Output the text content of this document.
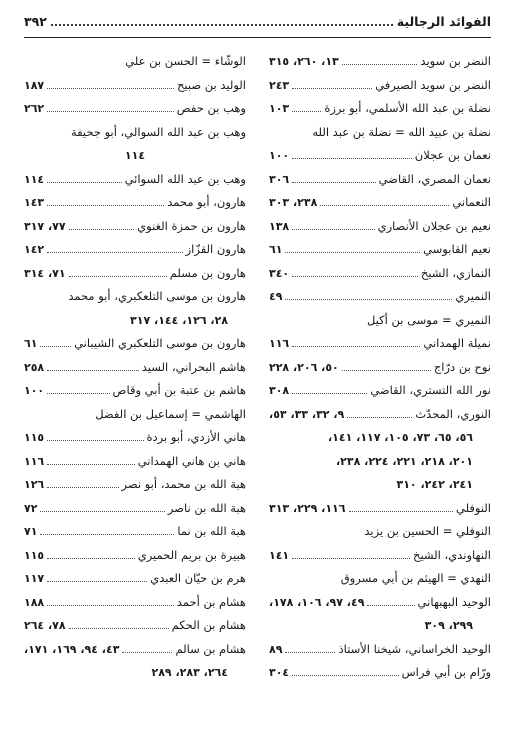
الفوائد الرجالية
٣٩٢
النضر بن سويد
١٣، ٢٦٠، ٣١٥
النضر بن سويد الصيرفي
٢٤٣
نضلة بن عبد الله الأسلمي، أبو برزة
١٠٣
نضلة بن عبيد الله = نضلة بن عبد الله
نعمان بن عجلان
١٠٠
نعمان المصري، القاضي
٣٠٦
النعماني
٢٣٨، ٣٠٣
نعيم بن عجلان الأنصاري
١٣٨
نعيم القابوسي
٦١
النمازي، الشيخ
٣٤٠
النميري
٤٩
النميري = موسى بن أكيل
نميلة الهمداني
١١٦
نوح بن درّاج
٥٠، ٢٠٦، ٢٢٨
نور الله التستري، القاضي
٣٠٨
النوري، المحدّث
٩، ٣٢، ٣٣، ٥٣،
٥٦، ٦٥، ٧٣، ١٠٥، ١١٧، ١٤١،
٢٠١، ٢١٨، ٢٢١، ٢٢٤، ٢٣٨،
٢٤١، ٢٤٢، ٣١٠
النوفلي
١١٦، ٢٢٩، ٣١٣
النوفلي = الحسين بن يزيد
النهاوندي، الشيخ
١٤١
النهدي = الهيثم بن أبي مسروق
الوحيد البهبهاني
٤٩، ٩٧، ١٠٦، ١٧٨،
٢٩٩، ٣٠٩
الوحيد الخراساني، شيخنا الأستاذ
٨٩
ورّام بن أبي فراس
٣٠٤
الوشّاء = الحسن بن علي
الوليد بن صبيح
١٨٧
وهب بن حفص
٢٦٢
وهب بن عبد الله السوالي، أبو جحيفة
١١٤
وهب بن عبد الله السوائي
١١٤
هارون، أبو محمد
١٤٣
هارون بن حمزة الغنوي
٧٧، ٣١٧
هارون القزّاز
١٤٢
هارون بن مسلم
٧١، ٣١٤
هارون بن موسى التلعكبري، أبو محمد
٢٨، ١٢٦، ١٤٤، ٣١٧
هارون بن موسى التلعكبري الشيباني
٦١
هاشم البحراني، السيد
٢٥٨
هاشم بن عتبة بن أبي وقاص
١٠٠
الهاشمي = إسماعيل بن الفضل
هاني الأزدي، أبو بردة
١١٥
هاني بن هاني الهمداني
١١٦
هبة الله بن محمد، أبو نصر
١٢٦
هبة الله بن ناصر
٧٢
هبة الله بن نما
٧١
هبيرة بن بريم الحميري
١١٥
هرم بن حيّان العبدي
١١٧
هشام بن أحمد
١٨٨
هشام بن الحكم
٧٨، ٢٦٤
هشام بن سالم
٤٣، ٩٤، ١٦٩، ١٧١،
٢٦٤، ٢٨٣، ٢٨٩
